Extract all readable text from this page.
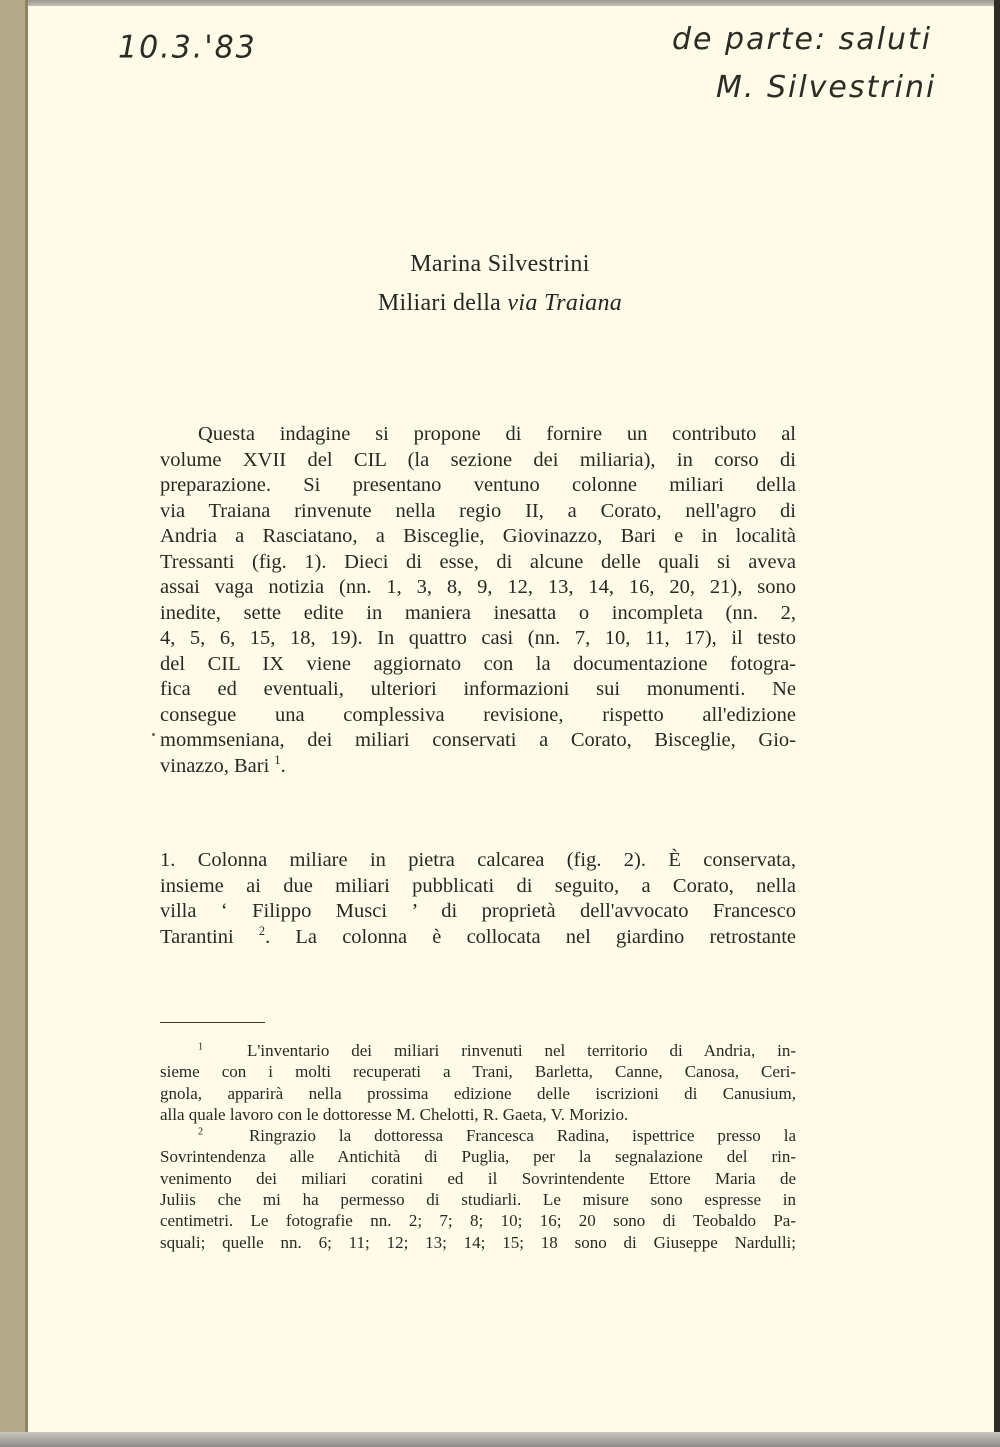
10.3.'83	de parte: saluti
M. Silvestrini
Marina Silvestrini
Miliari della via Traiana
Questa indagine si propone di fornire un contributo al
volume XVII del CIL (la sezione dei miliaria), in corso di
preparazione. Si presentano ventuno colonne miliari della
via Traiana rinvenute nella regio II, a Corato, nell'agro di
Andria a Rasciatano, a Bisceglie, Giovinazzo, Bari e in località
Tressanti (fig. 1). Dieci di esse, di alcune delle quali si aveva
assai vaga notizia (nn. 1, 3, 8, 9, 12, 13, 14, 16, 20, 21), sono
inedite, sette edite in maniera inesatta o incompleta (nn. 2,
4, 5, 6, 15, 18, 19). In quattro casi (nn. 7, 10, 11, 17), il testo
del CIL IX viene aggiornato con la documentazione fotogra-
fica ed eventuali, ulteriori informazioni sui monumenti. Ne
consegue una complessiva revisione, rispetto all'edizione
mommseniana, dei miliari conservati a Corato, Bisceglie, Gio-
vinazzo, Bari $^1$.
1. Colonna miliare in pietra calcarea (fig. 2). È conservata,
insieme ai due miliari pubblicati di seguito, a Corato, nella
villa ‘ Filippo Musci ’ di proprietà dell'avvocato Francesco
Tarantini $^2$. La colonna è collocata nel giardino retrostante
$^1$	L'inventario dei miliari rinvenuti nel territorio di Andria, in-
sieme con i molti recuperati a Trani, Barletta, Canne, Canosa, Ceri-
gnola, apparirà nella prossima edizione delle iscrizioni di Canusium,
alla quale lavoro con le dottoresse M. Chelotti, R. Gaeta, V. Morizio.
$^2$	Ringrazio la dottoressa Francesca Radina, ispettrice presso la
Sovrintendenza alle Antichità di Puglia, per la segnalazione del rin-
venimento dei miliari coratini ed il Sovrintendente Ettore Maria de
Juliis che mi ha permesso di studiarli. Le misure sono espresse in
centimetri. Le fotografie nn. 2; 7; 8; 10; 16; 20 sono di Teobaldo Pa-
squali; quelle nn. 6; 11; 12; 13; 14; 15; 18 sono di Giuseppe Nardulli;
